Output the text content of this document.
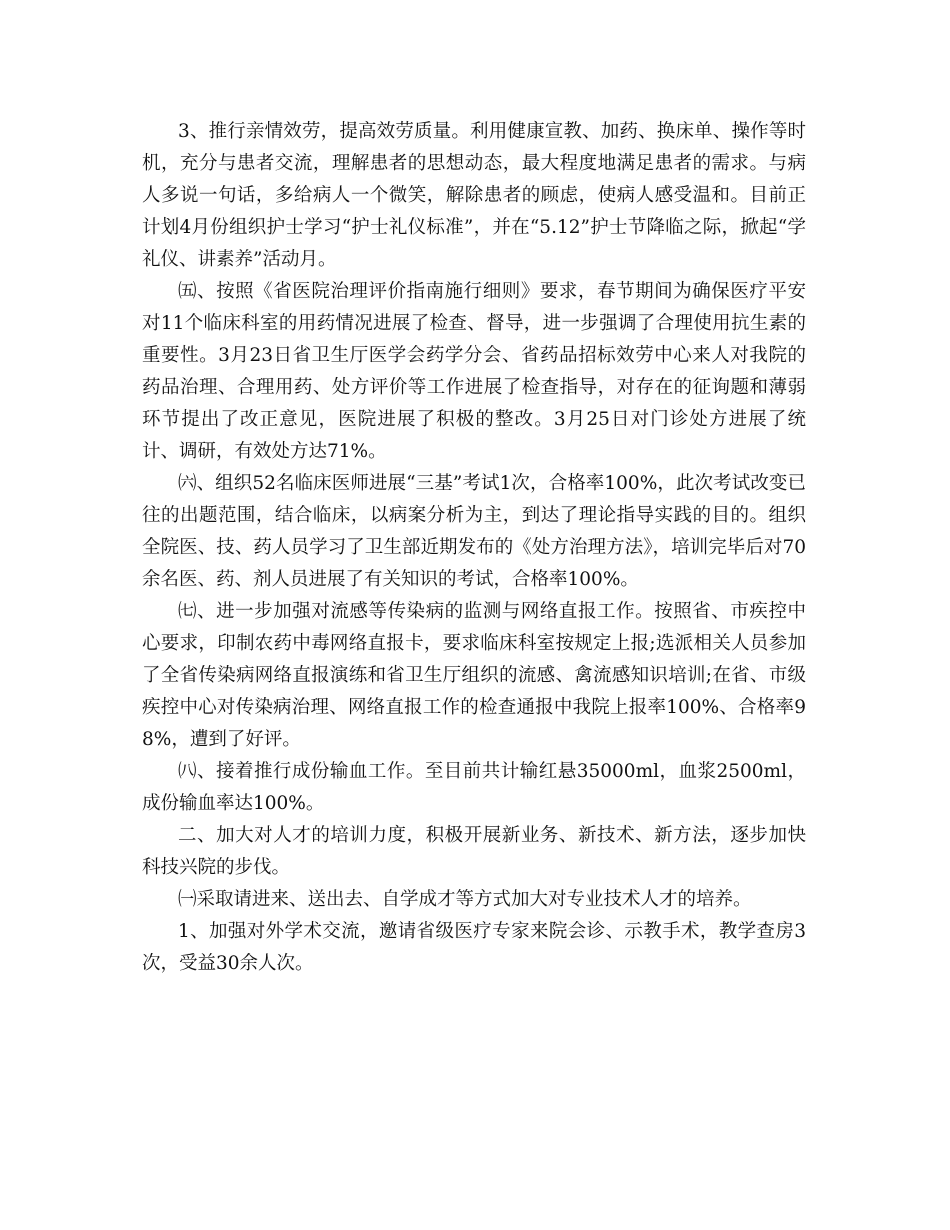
3、推行亲情效劳，提高效劳质量。利用健康宣教、加药、换床单、操作等时机，充分与患者交流，理解患者的思想动态，最大程度地满足患者的需求。与病人多说一句话，多给病人一个微笑，解除患者的顾虑，使病人感受温和。目前正计划4月份组织护士学习“护士礼仪标准”，并在“5.12”护士节降临之际，掀起“学礼仪、讲素养”活动月。

㈤、按照《省医院治理评价指南施行细则》要求，春节期间为确保医疗平安对11个临床科室的用药情况进展了检查、督导，进一步强调了合理使用抗生素的重要性。3月23日省卫生厅医学会药学分会、省药品招标效劳中心来人对我院的药品治理、合理用药、处方评价等工作进展了检查指导，对存在的征询题和薄弱环节提出了改正意见，医院进展了积极的整改。3月25日对门诊处方进展了统计、调研，有效处方达71%。

㈥、组织52名临床医师进展“三基”考试1次，合格率100%，此次考试改变已往的出题范围，结合临床，以病案分析为主，到达了理论指导实践的目的。组织全院医、技、药人员学习了卫生部近期发布的《处方治理方法》，培训完毕后对70余名医、药、剂人员进展了有关知识的考试，合格率100%。

㈦、进一步加强对流感等传染病的监测与网络直报工作。按照省、市疾控中心要求，印制农药中毒网络直报卡，要求临床科室按规定上报;选派相关人员参加了全省传染病网络直报演练和省卫生厅组织的流感、禽流感知识培训;在省、市级疾控中心对传染病治理、网络直报工作的检查通报中我院上报率100%、合格率98%，遭到了好评。

㈧、接着推行成份输血工作。至目前共计输红悬35000ml，血浆2500ml，成份输血率达100%。

二、加大对人才的培训力度，积极开展新业务、新技术、新方法，逐步加快科技兴院的步伐。

㈠采取请进来、送出去、自学成才等方式加大对专业技术人才的培养。

1、加强对外学术交流，邀请省级医疗专家来院会诊、示教手术，教学查房3次，受益30余人次。
